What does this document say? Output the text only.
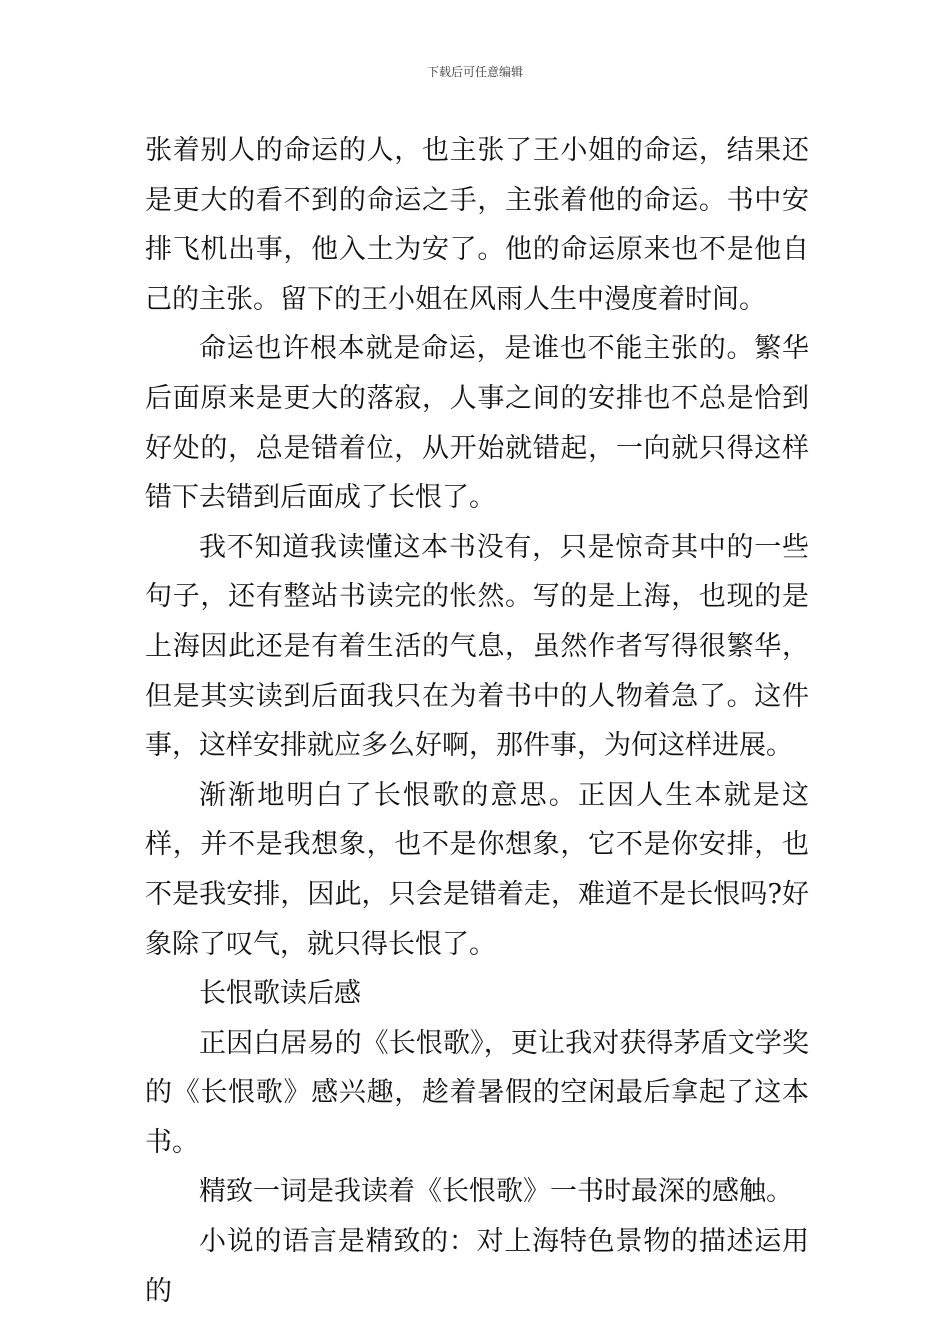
下载后可任意编辑

张着别人的命运的人，也主张了王小姐的命运，结果还是更大的看不到的命运之手，主张着他的命运。书中安排飞机出事，他入土为安了。他的命运原来也不是他自己的主张。留下的王小姐在风雨人生中漫度着时间。

命运也许根本就是命运，是谁也不能主张的。繁华后面原来是更大的落寂，人事之间的安排也不总是恰到好处的，总是错着位，从开始就错起，一向就只得这样错下去错到后面成了长恨了。

我不知道我读懂这本书没有，只是惊奇其中的一些句子，还有整站书读完的怅然。写的是上海，也现的是上海因此还是有着生活的气息，虽然作者写得很繁华，但是其实读到后面我只在为着书中的人物着急了。这件事，这样安排就应多么好啊，那件事，为何这样进展。

渐渐地明白了长恨歌的意思。正因人生本就是这样，并不是我想象，也不是你想象，它不是你安排，也不是我安排，因此，只会是错着走，难道不是长恨吗?好象除了叹气，就只得长恨了。

长恨歌读后感

正因白居易的《长恨歌》，更让我对获得茅盾文学奖的《长恨歌》感兴趣，趁着暑假的空闲最后拿起了这本书。

精致一词是我读着《长恨歌》一书时最深的感触。

小说的语言是精致的：对上海特色景物的描述运用的
